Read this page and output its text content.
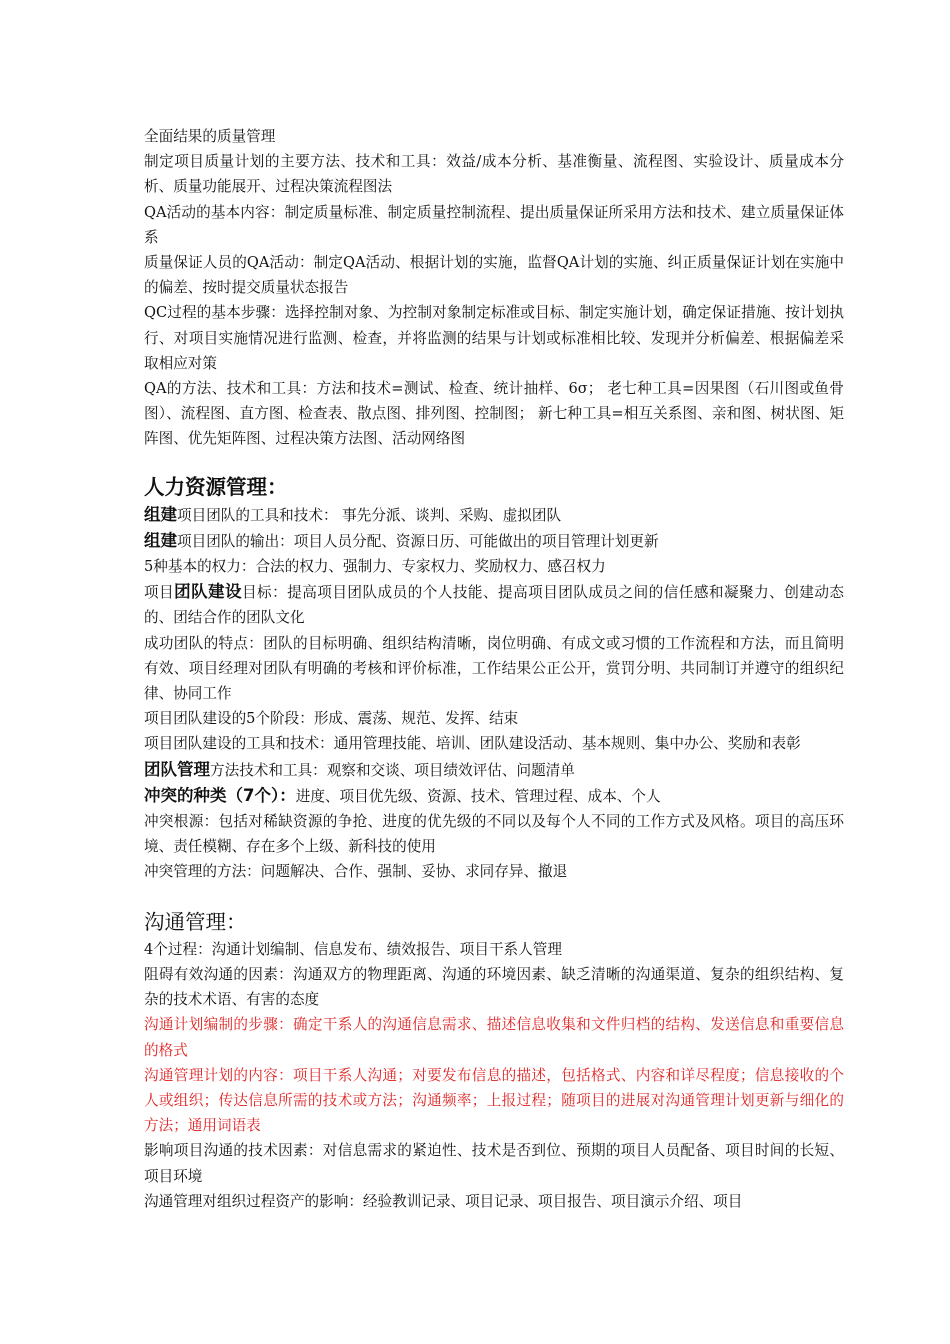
全面结果的质量管理

制定项目质量计划的主要方法、技术和工具：效益/成本分析、基准衡量、流程图、实验设计、质量成本分析、质量功能展开、过程决策流程图法

QA活动的基本内容：制定质量标准、制定质量控制流程、提出质量保证所采用方法和技术、建立质量保证体系

质量保证人员的QA活动：制定QA活动、根据计划的实施，监督QA计划的实施、纠正质量保证计划在实施中的偏差、按时提交质量状态报告

QC过程的基本步骤：选择控制对象、为控制对象制定标准或目标、制定实施计划，确定保证措施、按计划执行、对项目实施情况进行监测、检查，并将监测的结果与计划或标准相比较、发现并分析偏差、根据偏差采取相应对策

QA的方法、技术和工具：方法和技术=测试、检查、统计抽样、6σ； 老七种工具=因果图（石川图或鱼骨图）、流程图、直方图、检查表、散点图、排列图、控制图； 新七种工具=相互关系图、亲和图、树状图、矩阵图、优先矩阵图、过程决策方法图、活动网络图

人力资源管理：

组建项目团队的工具和技术： 事先分派、谈判、采购、虚拟团队

组建项目团队的输出：项目人员分配、资源日历、可能做出的项目管理计划更新

5种基本的权力：合法的权力、强制力、专家权力、奖励权力、感召权力

项目团队建设目标：提高项目团队成员的个人技能、提高项目团队成员之间的信任感和凝聚力、创建动态的、团结合作的团队文化

成功团队的特点：团队的目标明确、组织结构清晰，岗位明确、有成文或习惯的工作流程和方法，而且简明有效、项目经理对团队有明确的考核和评价标准，工作结果公正公开，赏罚分明、共同制订并遵守的组织纪律、协同工作

项目团队建设的5个阶段：形成、震荡、规范、发挥、结束

项目团队建设的工具和技术：通用管理技能、培训、团队建设活动、基本规则、集中办公、奖励和表彰

团队管理方法技术和工具：观察和交谈、项目绩效评估、问题清单

冲突的种类（7个）：进度、项目优先级、资源、技术、管理过程、成本、个人

冲突根源：包括对稀缺资源的争抢、进度的优先级的不同以及每个人不同的工作方式及风格。项目的高压环境、责任模糊、存在多个上级、新科技的使用

冲突管理的方法：问题解决、合作、强制、妥协、求同存异、撤退

沟通管理：

4个过程：沟通计划编制、信息发布、绩效报告、项目干系人管理

阻碍有效沟通的因素：沟通双方的物理距离、沟通的环境因素、缺乏清晰的沟通渠道、复杂的组织结构、复杂的技术术语、有害的态度

沟通计划编制的步骤：确定干系人的沟通信息需求、描述信息收集和文件归档的结构、发送信息和重要信息的格式

沟通管理计划的内容：项目干系人沟通；对要发布信息的描述，包括格式、内容和详尽程度；信息接收的个人或组织；传达信息所需的技术或方法；沟通频率；上报过程；随项目的进展对沟通管理计划更新与细化的方法；通用词语表

影响项目沟通的技术因素：对信息需求的紧迫性、技术是否到位、预期的项目人员配备、项目时间的长短、项目环境

沟通管理对组织过程资产的影响：经验教训记录、项目记录、项目报告、项目演示介绍、项目
